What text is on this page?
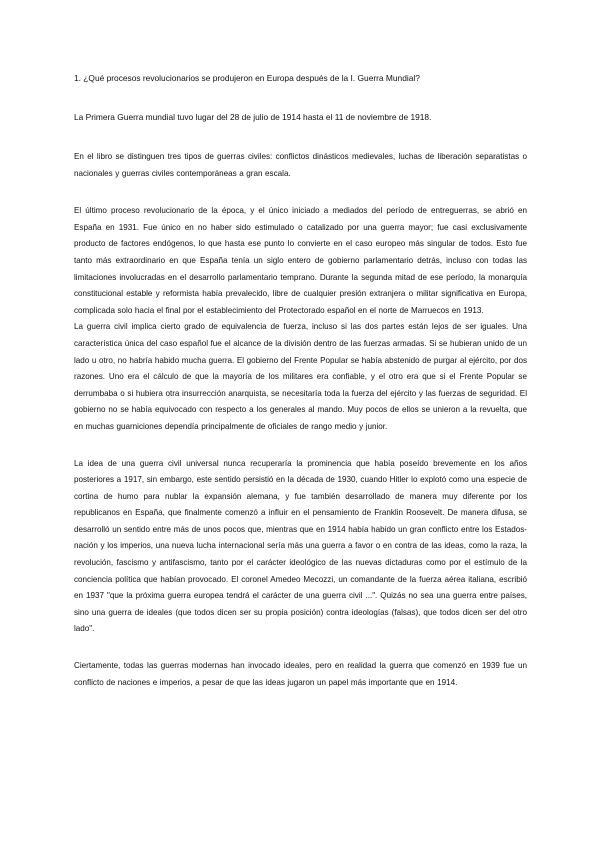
1. ¿Qué procesos revolucionarios se produjeron en Europa después de la I. Guerra Mundial?

La Primera Guerra mundial tuvo lugar del 28 de julio de 1914 hasta el 11 de noviembre de 1918.

En el libro se distinguen tres tipos de guerras civiles: conflictos dinásticos medievales, luchas de liberación separatistas o nacionales y guerras civiles contemporáneas a gran escala.

El último proceso revolucionario de la época, y el único iniciado a mediados del período de entreguerras, se abrió en España en 1931. Fue único en no haber sido estimulado o catalizado por una guerra mayor; fue casi exclusivamente producto de factores endógenos, lo que hasta ese punto lo convierte en el caso europeo más singular de todos. Esto fue tanto más extraordinario en que España tenía un siglo entero de gobierno parlamentario detrás, incluso con todas las limitaciones involucradas en el desarrollo parlamentario temprano. Durante la segunda mitad de ese período, la monarquía constitucional estable y reformista había prevalecido, libre de cualquier presión extranjera o militar significativa en Europa, complicada solo hacia el final por el establecimiento del Protectorado español en el norte de Marruecos en 1913.

La guerra civil implica cierto grado de equivalencia de fuerza, incluso si las dos partes están lejos de ser iguales. Una característica única del caso español fue el alcance de la división dentro de las fuerzas armadas. Si se hubieran unido de un lado u otro, no habría habido mucha guerra. El gobierno del Frente Popular se había abstenido de purgar al ejército, por dos razones. Uno era el cálculo de que la mayoría de los militares era confiable, y el otro era que si el Frente Popular se derrumbaba o si hubiera otra insurrección anarquista, se necesitaría toda la fuerza del ejército y las fuerzas de seguridad. El gobierno no se había equivocado con respecto a los generales al mando. Muy pocos de ellos se unieron a la revuelta, que en muchas guarniciones dependía principalmente de oficiales de rango medio y junior.

La idea de una guerra civil universal nunca recuperaría la prominencia que había poseído brevemente en los años posteriores a 1917, sin embargo, este sentido persistió en la década de 1930, cuando Hitler lo explotó como una especie de cortina de humo para nublar la expansión alemana, y fue también desarrollado de manera muy diferente por los republicanos en España, que finalmente comenzó a influir en el pensamiento de Franklin Roosevelt. De manera difusa, se desarrolló un sentido entre más de unos pocos que, mientras que en 1914 había habido un gran conflicto entre los Estados-nación y los imperios, una nueva lucha internacional sería más una guerra a favor o en contra de las ideas, como la raza, la revolución, fascismo y antifascismo, tanto por el carácter ideológico de las nuevas dictaduras como por el estímulo de la conciencia política que habían provocado. El coronel Amedeo Mecozzi, un comandante de la fuerza aérea italiana, escribió en 1937 "que la próxima guerra europea tendrá el carácter de una guerra civil ...". Quizás no sea una guerra entre países, sino una guerra de ideales (que todos dicen ser su propia posición) contra ideologías (falsas), que todos dicen ser del otro lado".

Ciertamente, todas las guerras modernas han invocado ideales, pero en realidad la guerra que comenzó en 1939 fue un conflicto de naciones e imperios, a pesar de que las ideas jugaron un papel más importante que en 1914.
